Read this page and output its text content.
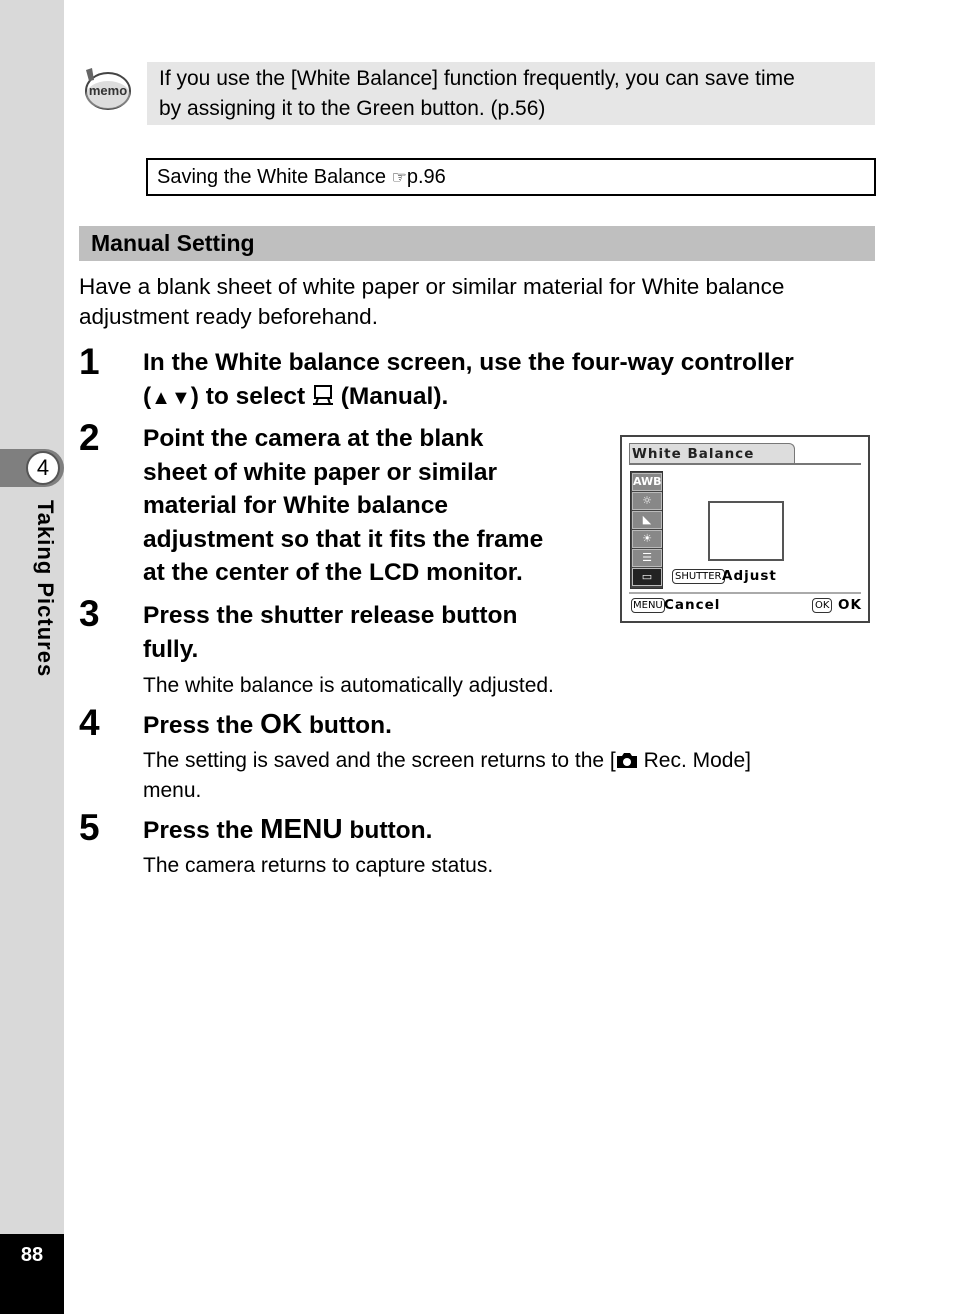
4
Taking Pictures
88
memo
If you use the [White Balance] function frequently, you can save time
by assigning it to the Green button. (p.56)
Saving the White Balance ☞p.96
Manual Setting
Have a blank sheet of white paper or similar material for White balance
adjustment ready beforehand.
1 In the White balance screen, use the four-way controller
(▲▼) to select (Manual).
2 Point the camera at the blank
sheet of white paper or similar
material for White balance
adjustment so that it fits the frame
at the center of the LCD monitor.
White Balance
AWB
☼
◣
☀
☰
▭	SHUTTER Adjust
MENU Cancel	OK OK
3 Press the shutter release button
fully.
The white balance is automatically adjusted.
4 Press the OK button.
The setting is saved and the screen returns to the [ Rec. Mode]
menu.
5 Press the MENU button.
The camera returns to capture status.
